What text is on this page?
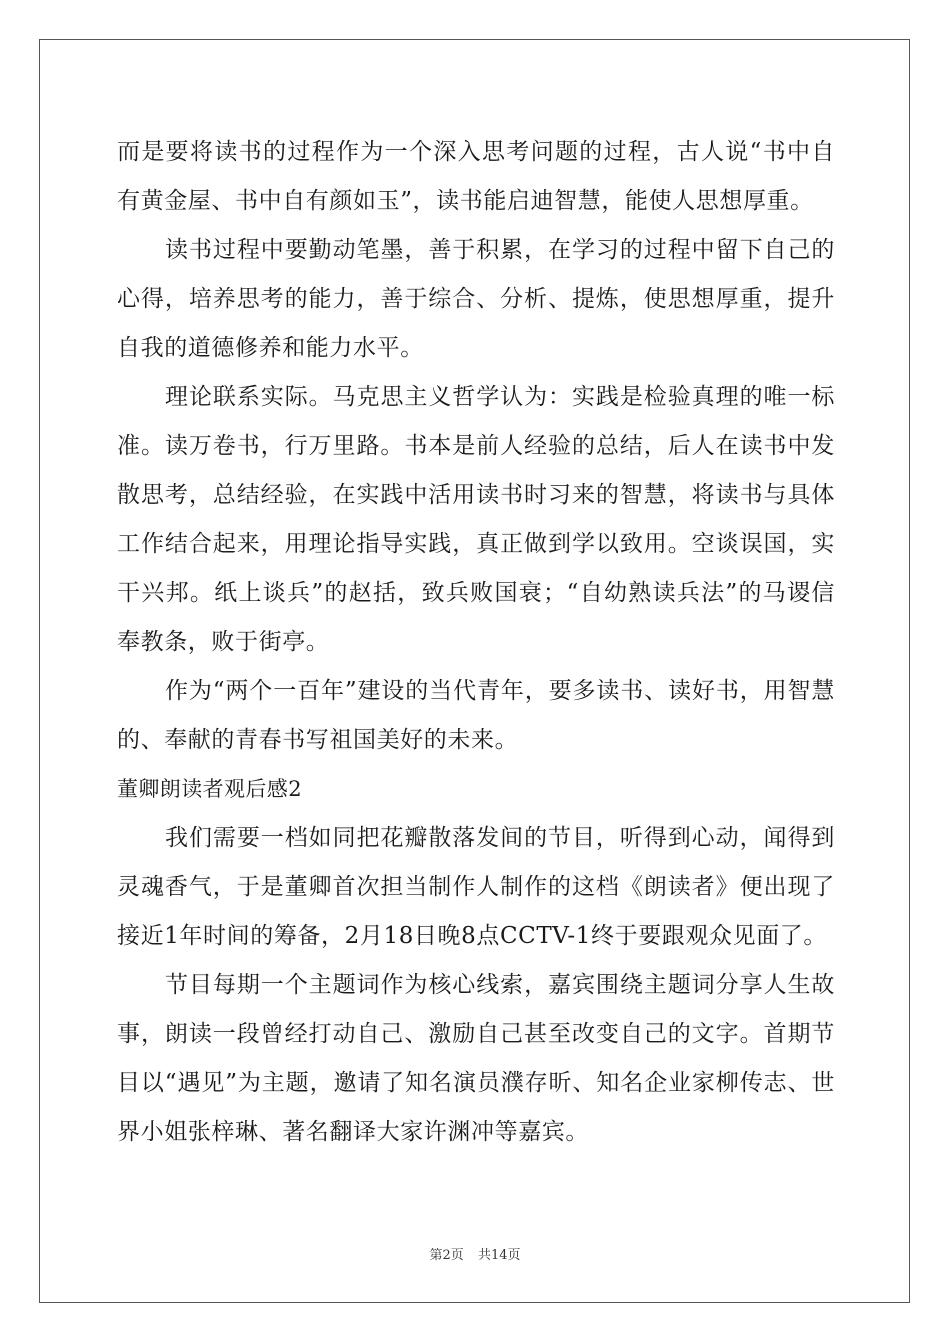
而是要将读书的过程作为一个深入思考问题的过程，古人说“书中自有黄金屋、书中自有颜如玉”，读书能启迪智慧，能使人思想厚重。

读书过程中要勤动笔墨，善于积累，在学习的过程中留下自己的心得，培养思考的能力，善于综合、分析、提炼，使思想厚重，提升自我的道德修养和能力水平。

理论联系实际。马克思主义哲学认为：实践是检验真理的唯一标准。读万卷书，行万里路。书本是前人经验的总结，后人在读书中发散思考，总结经验，在实践中活用读书时习来的智慧，将读书与具体工作结合起来，用理论指导实践，真正做到学以致用。空谈误国，实干兴邦。纸上谈兵”的赵括，致兵败国衰；“自幼熟读兵法”的马谡信奉教条，败于街亭。

作为“两个一百年”建设的当代青年，要多读书、读好书，用智慧的、奉献的青春书写祖国美好的未来。

董卿朗读者观后感2

我们需要一档如同把花瓣散落发间的节目，听得到心动，闻得到灵魂香气，于是董卿首次担当制作人制作的这档《朗读者》便出现了接近1年时间的筹备，2月18日晚8点CCTV-1终于要跟观众见面了。

节目每期一个主题词作为核心线索，嘉宾围绕主题词分享人生故事，朗读一段曾经打动自己、激励自己甚至改变自己的文字。首期节目以“遇见”为主题，邀请了知名演员濮存昕、知名企业家柳传志、世界小姐张梓琳、著名翻译大家许渊冲等嘉宾。

第2页 共14页
